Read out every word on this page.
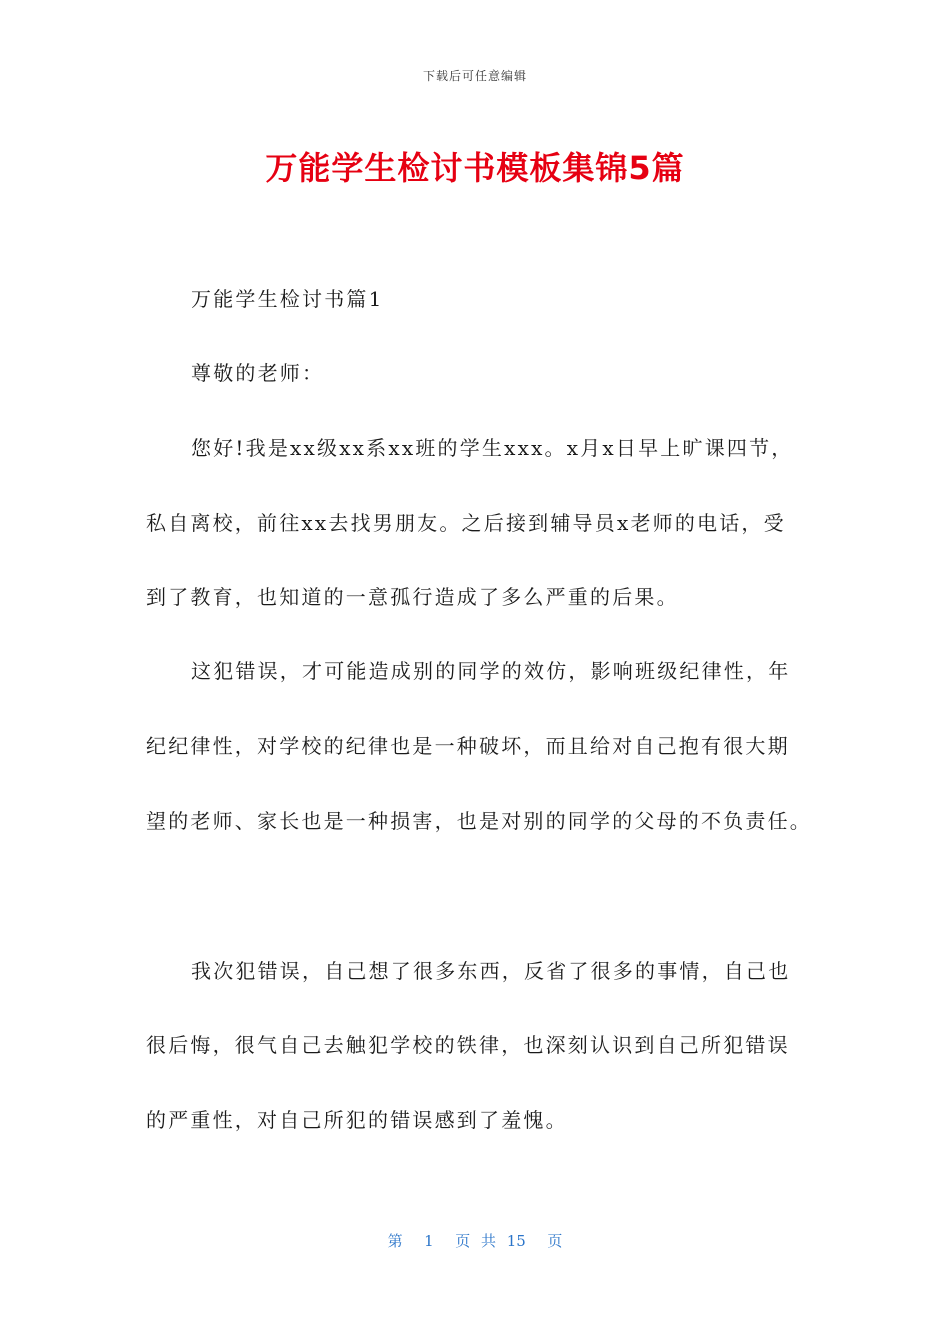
下载后可任意编辑
万能学生检讨书模板集锦5篇
万能学生检讨书篇1
尊敬的老师：
您好!我是xx级xx系xx班的学生xxx。x月x日早上旷课四节，
私自离校，前往xx去找男朋友。之后接到辅导员x老师的电话，受
到了教育，也知道的一意孤行造成了多么严重的后果。
这犯错误，才可能造成别的同学的效仿，影响班级纪律性，年
纪纪律性，对学校的纪律也是一种破坏，而且给对自己抱有很大期
望的老师、家长也是一种损害，也是对别的同学的父母的不负责任。
我次犯错误，自己想了很多东西，反省了很多的事情，自己也
很后悔，很气自己去触犯学校的铁律，也深刻认识到自己所犯错误
的严重性，对自己所犯的错误感到了羞愧。
第  1  页 共 15  页
